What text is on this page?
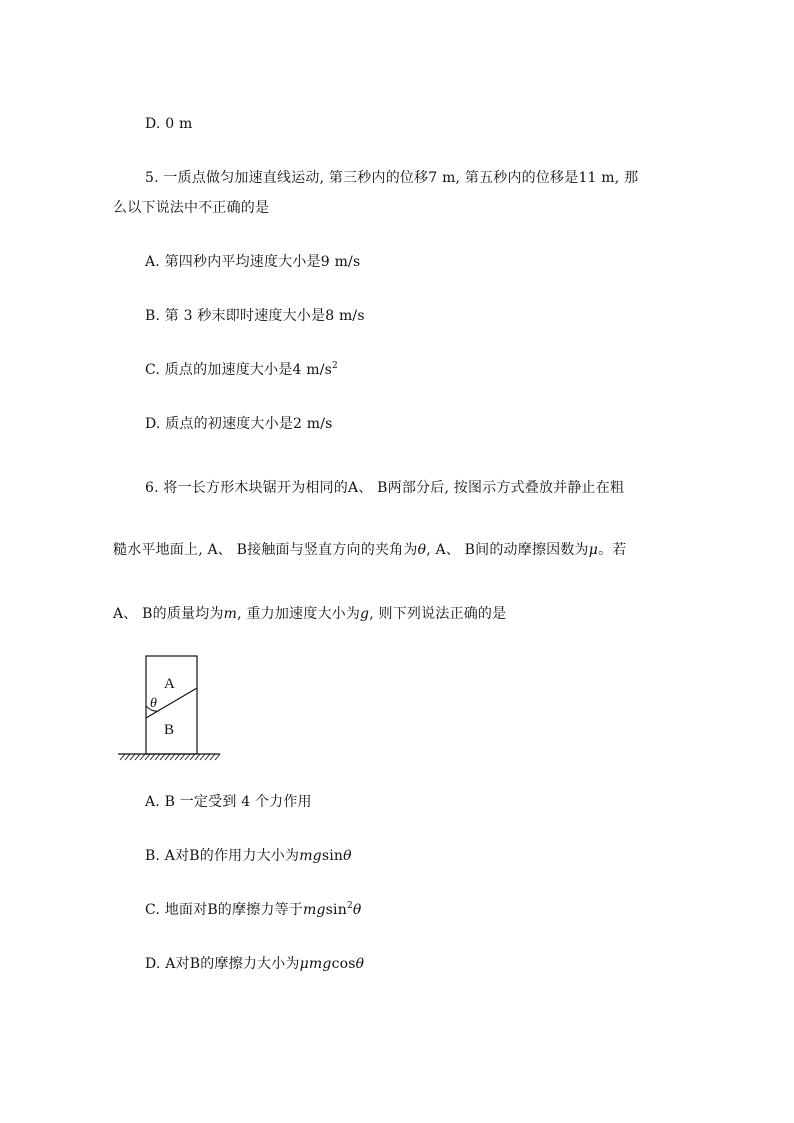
D. 0 m
5. 一质点做匀加速直线运动, 第三秒内的位移7 m, 第五秒内的位移是11 m, 那
么以下说法中不正确的是
A. 第四秒内平均速度大小是9 m/s
B. 第 3 秒末即时速度大小是8 m/s
C. 质点的加速度大小是4 $m/s^2$
D. 质点的初速度大小是2 m/s
6. 将一长方形木块锯开为相同的A、 B两部分后, 按图示方式叠放并静止在粗
糙水平地面上, A、 B接触面与竖直方向的夹角为θ, A、 B间的动摩擦因数为μ。若
A、 B的质量均为m, 重力加速度大小为g, 则下列说法正确的是
A
θ
B
A. B 一定受到 4 个力作用
B. A对B的作用力大小为mgsinθ
C. 地面对B的摩擦力等于mgsin$^2$θ
D. A对B的摩擦力大小为μmgcosθ
